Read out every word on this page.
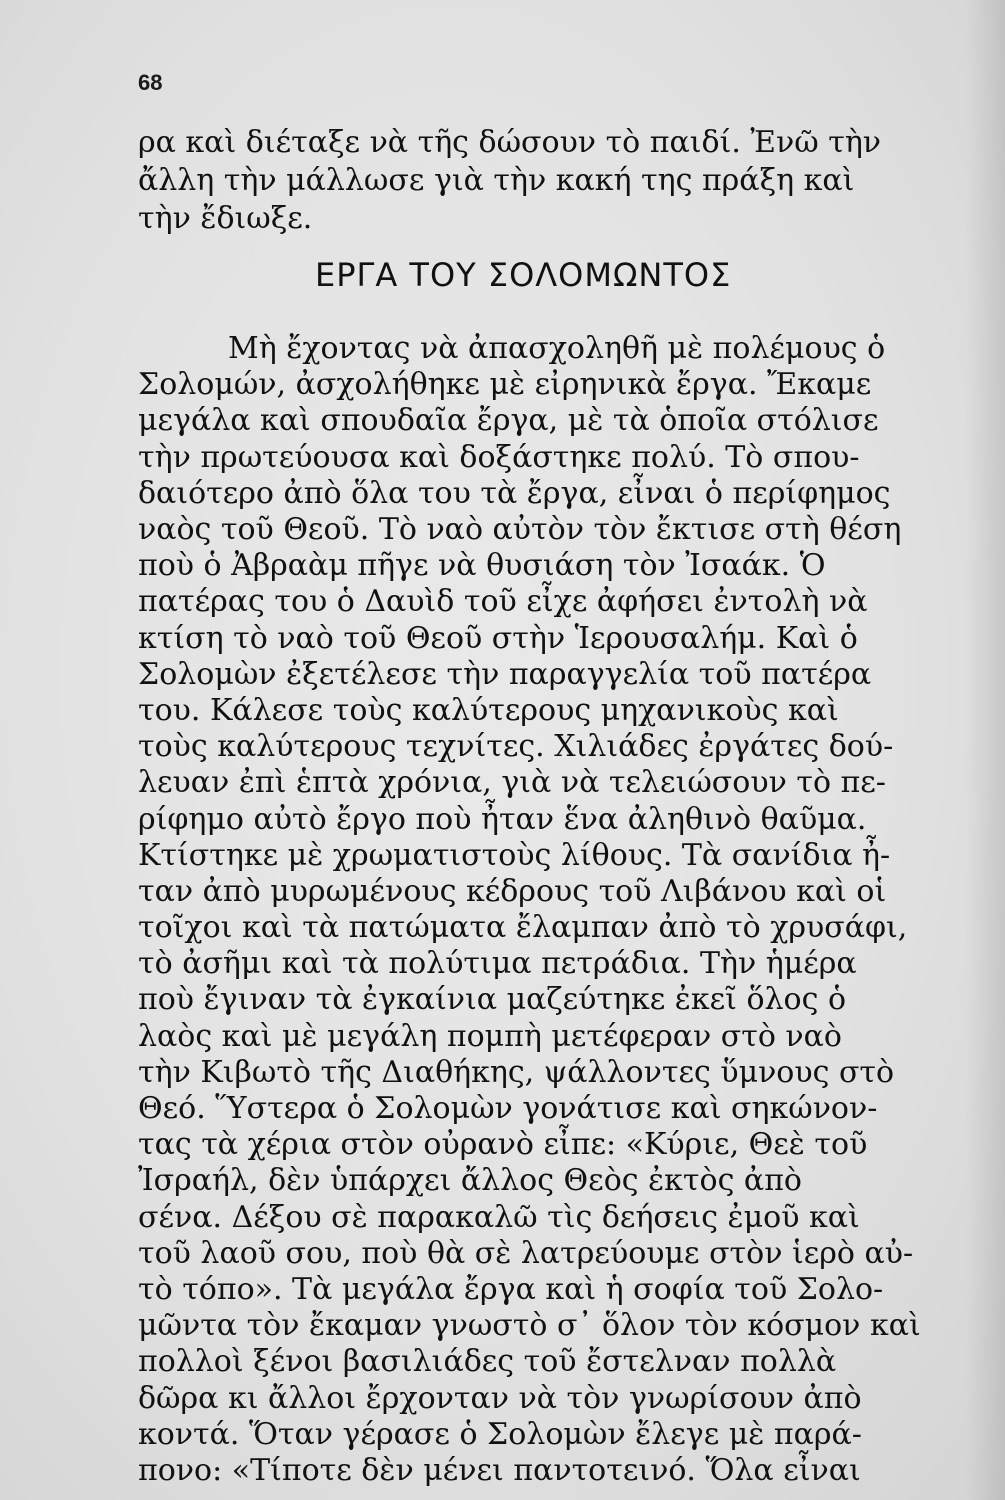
68

ρα καὶ διέταξε νὰ τῆς δώσουν τὸ παιδί. Ἐνῶ τὴν

ἄλλη τὴν μάλλωσε γιὰ τὴν κακή της πράξη καὶ

τὴν ἔδιωξε.

ΕΡΓΑ ΤΟΥ ΣΟΛΟΜΩΝΤΟΣ

Μὴ ἔχοντας νὰ ἀπασχοληθῆ μὲ πολέμους ὁ

Σολομών, ἀσχολήθηκε μὲ εἰρηνικὰ ἔργα. Ἔκαμε

μεγάλα καὶ σπουδαῖα ἔργα, μὲ τὰ ὁποῖα στόλισε

τὴν πρωτεύουσα καὶ δοξάστηκε πολύ. Τὸ σπου-

δαιότερο ἀπὸ ὅλα του τὰ ἔργα, εἶναι ὁ περίφημος

ναὸς τοῦ Θεοῦ. Τὸ ναὸ αὐτὸν τὸν ἔκτισε στὴ θέση

ποὺ ὁ Ἀβραὰμ πῆγε νὰ θυσιάση τὸν Ἰσαάκ. Ὁ

πατέρας του ὁ Δαυὶδ τοῦ εἶχε ἀφήσει ἐντολὴ νὰ

κτίση τὸ ναὸ τοῦ Θεοῦ στὴν Ἱερουσαλήμ. Καὶ ὁ

Σολομὼν ἐξετέλεσε τὴν παραγγελία τοῦ πατέρα

του. Κάλεσε τοὺς καλύτερους μηχανικοὺς καὶ

τοὺς καλύτερους τεχνίτες. Χιλιάδες ἐργάτες δού-

λευαν ἐπὶ ἑπτὰ χρόνια, γιὰ νὰ τελειώσουν τὸ πε-

ρίφημο αὐτὸ ἔργο ποὺ ἦταν ἕνα ἀληθινὸ θαῦμα.

Κτίστηκε μὲ χρωματιστοὺς λίθους. Τὰ σανίδια ἦ-

ταν ἀπὸ μυρωμένους κέδρους τοῦ Λιβάνου καὶ οἱ

τοῖχοι καὶ τὰ πατώματα ἔλαμπαν ἀπὸ τὸ χρυσάφι,

τὸ ἀσῆμι καὶ τὰ πολύτιμα πετράδια. Τὴν ἡμέρα

ποὺ ἔγιναν τὰ ἐγκαίνια μαζεύτηκε ἐκεῖ ὅλος ὁ

λαὸς καὶ μὲ μεγάλη πομπὴ μετέφεραν στὸ ναὸ

τὴν Κιβωτὸ τῆς Διαθήκης, ψάλλοντες ὕμνους στὸ

Θεό. Ὕστερα ὁ Σολομὼν γονάτισε καὶ σηκώνον-

τας τὰ χέρια στὸν οὐρανὸ εἶπε: «Κύριε, Θεὲ τοῦ

Ἰσραήλ, δὲν ὑπάρχει ἄλλος Θεὸς ἐκτὸς ἀπὸ

σένα. Δέξου σὲ παρακαλῶ τὶς δεήσεις ἐμοῦ καὶ

τοῦ λαοῦ σου, ποὺ θὰ σὲ λατρεύουμε στὸν ἱερὸ αὐ-

τὸ τόπο». Τὰ μεγάλα ἔργα καὶ ἡ σοφία τοῦ Σολο-

μῶντα τὸν ἔκαμαν γνωστὸ σ᾽ ὅλον τὸν κόσμον καὶ

πολλοὶ ξένοι βασιλιάδες τοῦ ἔστελναν πολλὰ

δῶρα κι ἄλλοι ἔρχονταν νὰ τὸν γνωρίσουν ἀπὸ

κοντά. Ὅταν γέρασε ὁ Σολομὼν ἔλεγε μὲ παρά-

πονο: «Τίποτε δὲν μένει παντοτεινό. Ὅλα εἶναι
